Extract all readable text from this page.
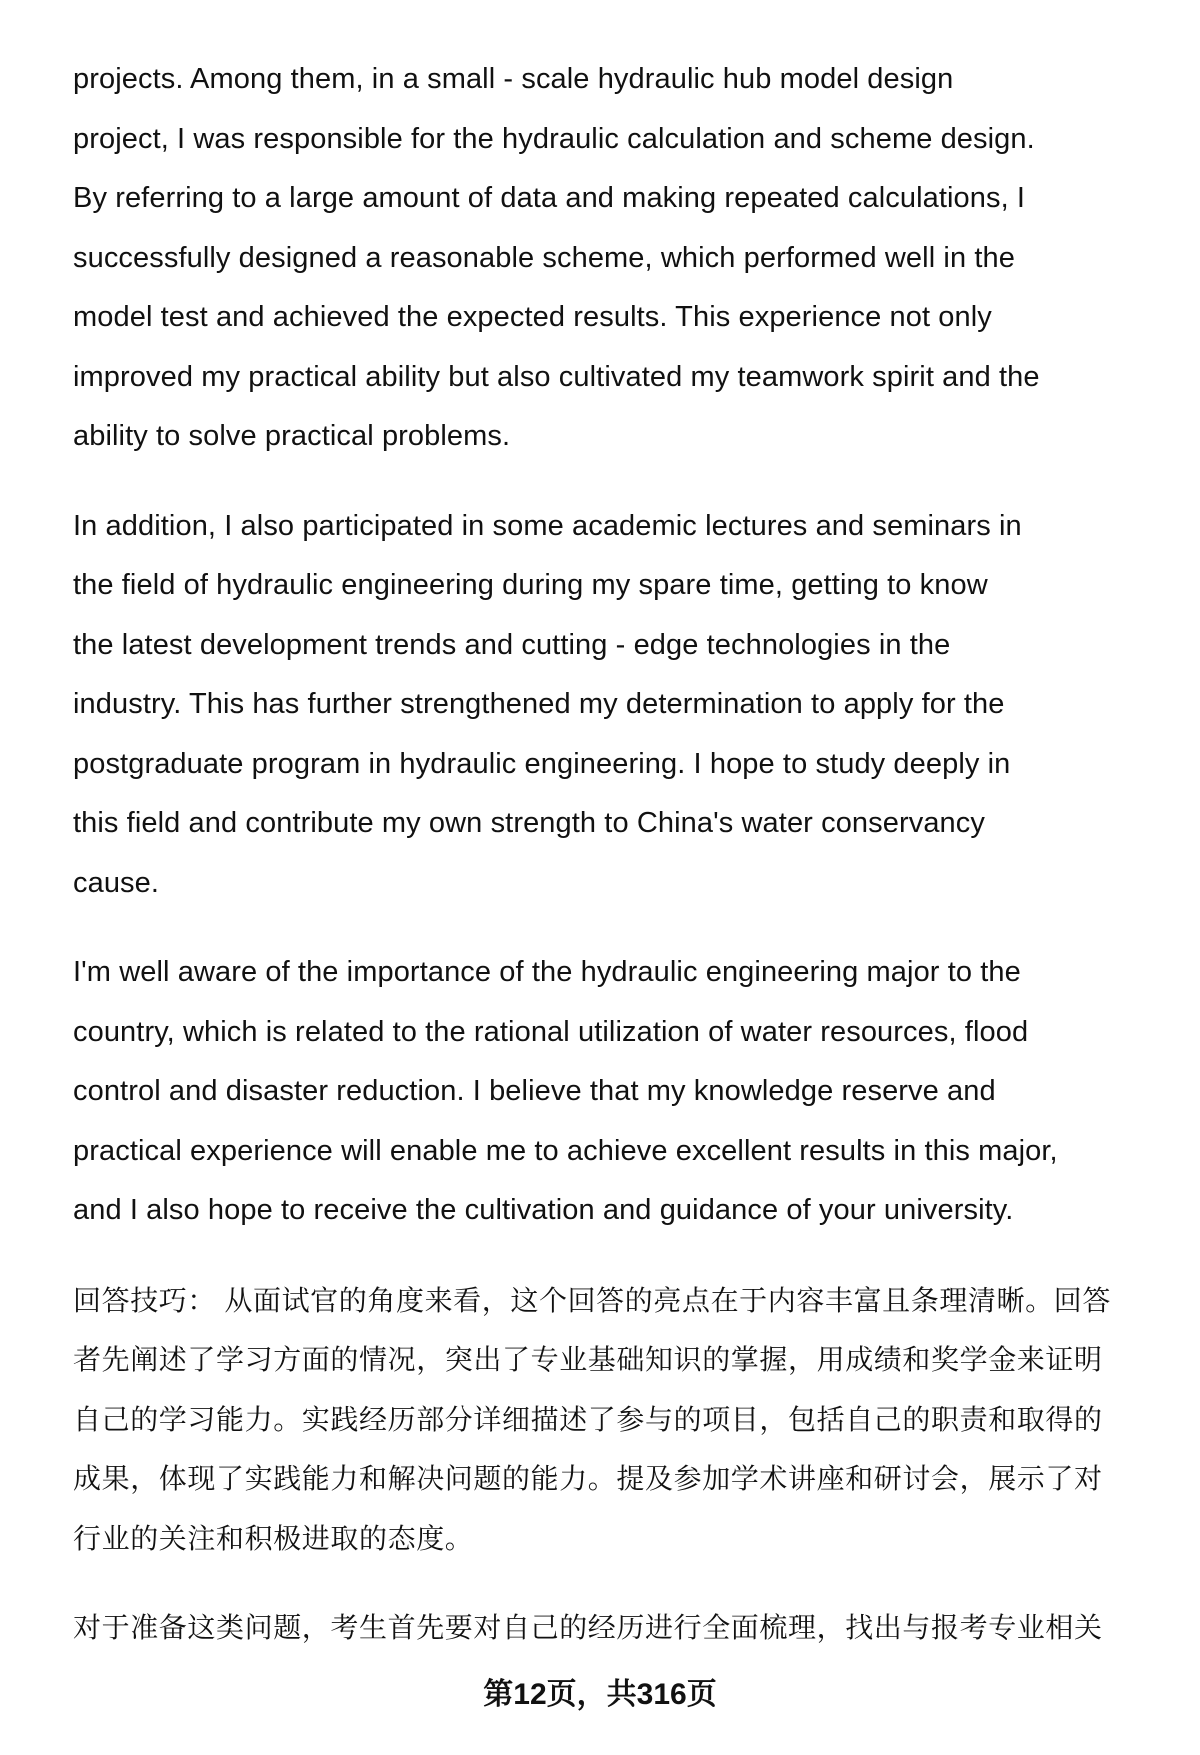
projects. Among them, in a small - scale hydraulic hub model design
project, I was responsible for the hydraulic calculation and scheme design.
By referring to a large amount of data and making repeated calculations, I
successfully designed a reasonable scheme, which performed well in the
model test and achieved the expected results. This experience not only
improved my practical ability but also cultivated my teamwork spirit and the
ability to solve practical problems.

In addition, I also participated in some academic lectures and seminars in
the field of hydraulic engineering during my spare time, getting to know
the latest development trends and cutting - edge technologies in the
industry. This has further strengthened my determination to apply for the
postgraduate program in hydraulic engineering. I hope to study deeply in
this field and contribute my own strength to China's water conservancy
cause.

I'm well aware of the importance of the hydraulic engineering major to the
country, which is related to the rational utilization of water resources, flood
control and disaster reduction. I believe that my knowledge reserve and
practical experience will enable me to achieve excellent results in this major,
and I also hope to receive the cultivation and guidance of your university.

回答技巧： 从面试官的角度来看，这个回答的亮点在于内容丰富且条理清晰。回答
者先阐述了学习方面的情况，突出了专业基础知识的掌握，用成绩和奖学金来证明
自己的学习能力。实践经历部分详细描述了参与的项目，包括自己的职责和取得的
成果，体现了实践能力和解决问题的能力。提及参加学术讲座和研讨会，展示了对
行业的关注和积极进取的态度。

对于准备这类问题，考生首先要对自己的经历进行全面梳理，找出与报考专业相关

第12页，共316页
